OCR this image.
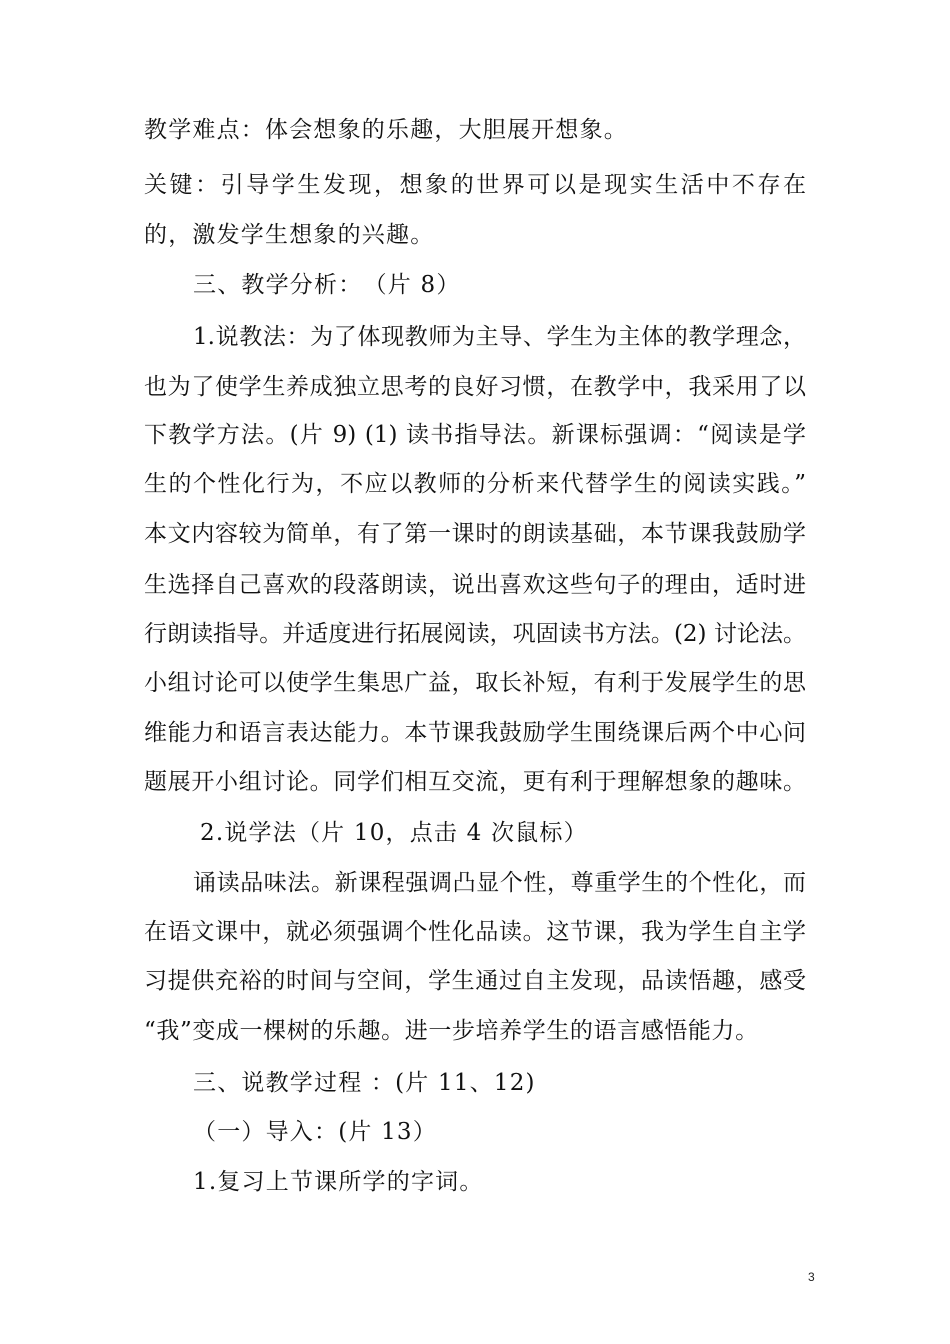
教学难点：体会想象的乐趣，大胆展开想象。
关键：引导学生发现，想象的世界可以是现实生活中不存在
的，激发学生想象的兴趣。
三、教学分析：　（片 8）
1.说教法：为了体现教师为主导、学生为主体的教学理念，
也为了使学生养成独立思考的良好习惯，在教学中，我采用了以
下教学方法。(片 9) (1) 读书指导法。新课标强调：“阅读是学
生的个性化行为，不应以教师的分析来代替学生的阅读实践。”
本文内容较为简单，有了第一课时的朗读基础，本节课我鼓励学
生选择自己喜欢的段落朗读，说出喜欢这些句子的理由，适时进
行朗读指导。并适度进行拓展阅读，巩固读书方法。(2) 讨论法。
小组讨论可以使学生集思广益，取长补短，有利于发展学生的思
维能力和语言表达能力。本节课我鼓励学生围绕课后两个中心问
题展开小组讨论。同学们相互交流，更有利于理解想象的趣味。
2.说学法（片 10，点击 4 次鼠标）
诵读品味法。新课程强调凸显个性，尊重学生的个性化，而
在语文课中，就必须强调个性化品读。这节课，我为学生自主学
习提供充裕的时间与空间，学生通过自主发现，品读悟趣，感受
“我”变成一棵树的乐趣。进一步培养学生的语言感悟能力。
三、说教学过程 ：(片 11、12)
（一）导入：(片 13）
1.复习上节课所学的字词。
3
